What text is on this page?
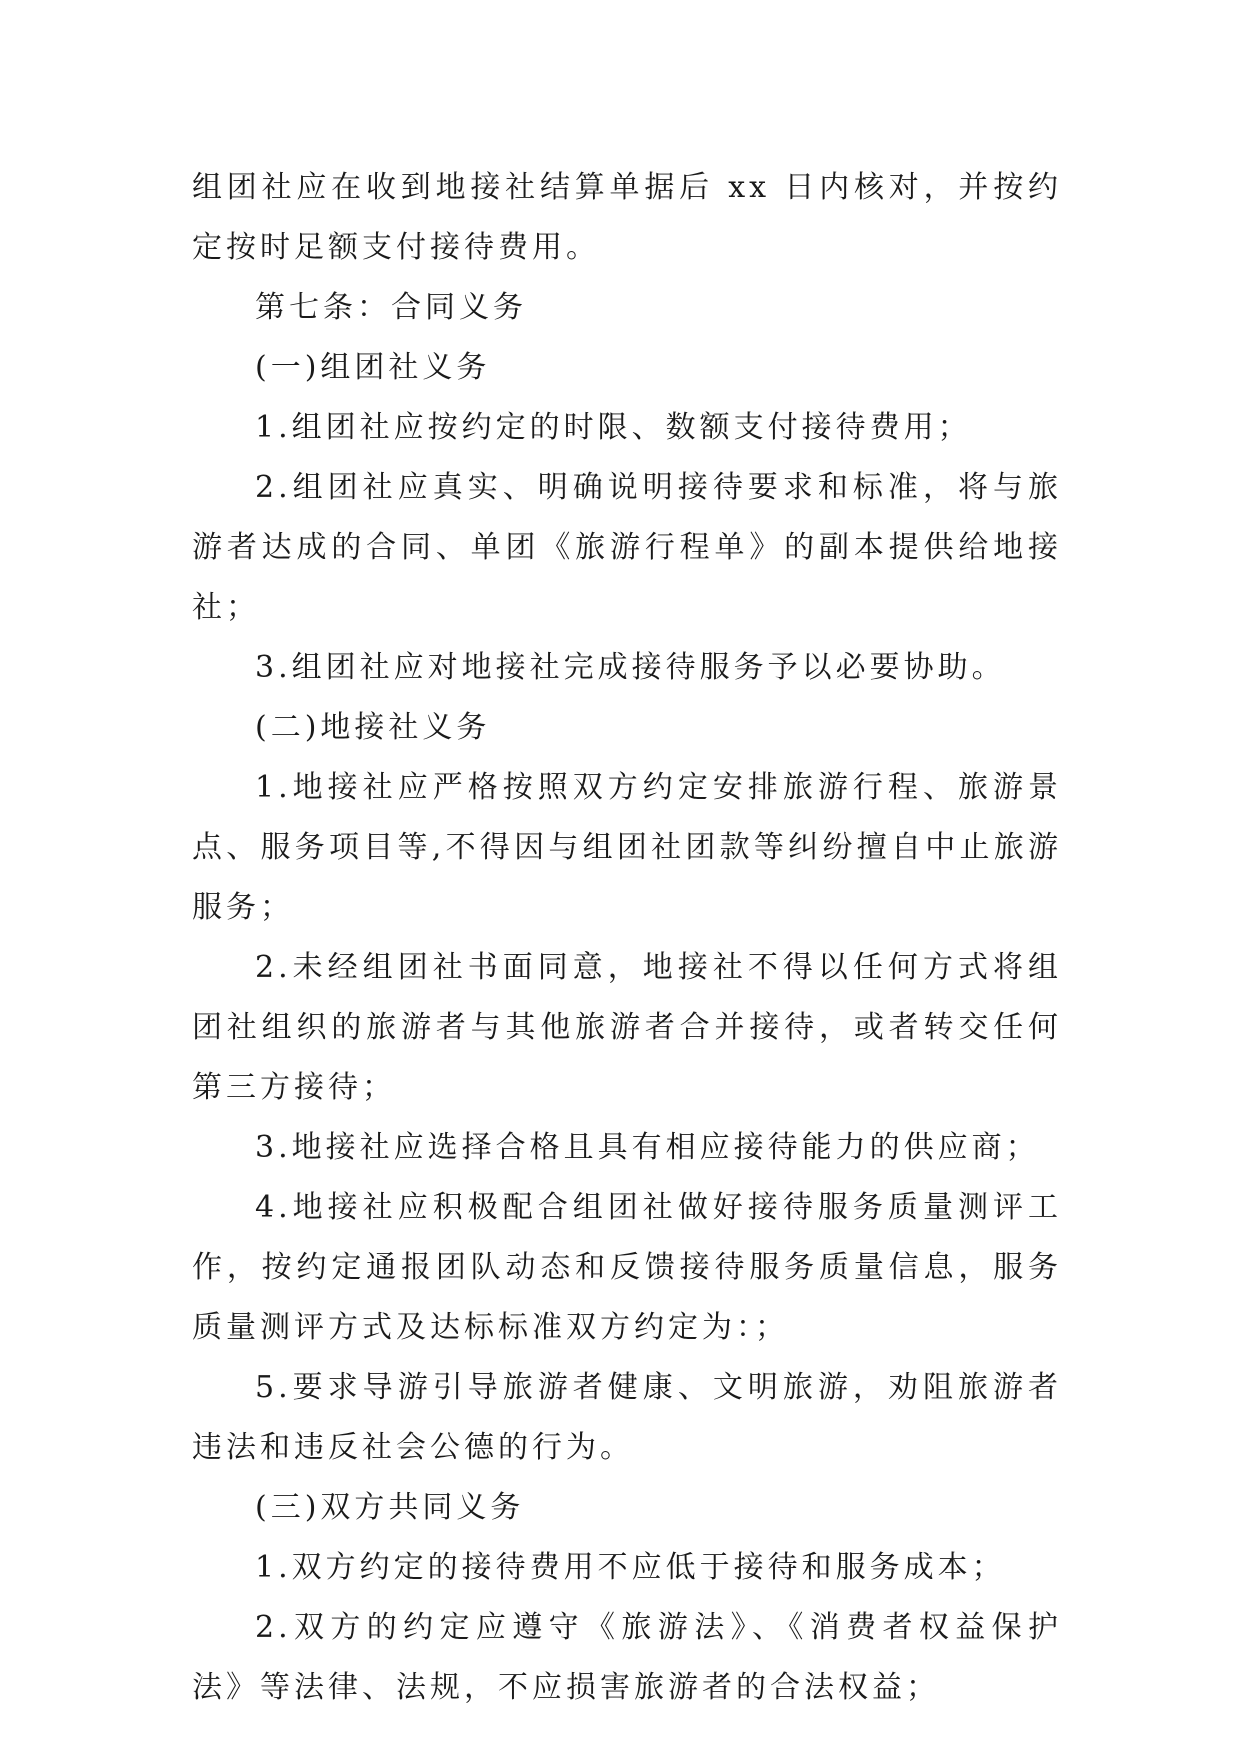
组团社应在收到地接社结算单据后 xx 日内核对，并按约定按时足额支付接待费用。

第七条：合同义务

(一)组团社义务

1.组团社应按约定的时限、数额支付接待费用；

2.组团社应真实、明确说明接待要求和标准，将与旅游者达成的合同、单团《旅游行程单》的副本提供给地接社；

3.组团社应对地接社完成接待服务予以必要协助。

(二)地接社义务

1.地接社应严格按照双方约定安排旅游行程、旅游景点、服务项目等,不得因与组团社团款等纠纷擅自中止旅游服务；

2.未经组团社书面同意，地接社不得以任何方式将组团社组织的旅游者与其他旅游者合并接待，或者转交任何第三方接待；

3.地接社应选择合格且具有相应接待能力的供应商；

4.地接社应积极配合组团社做好接待服务质量测评工作，按约定通报团队动态和反馈接待服务质量信息，服务质量测评方式及达标标准双方约定为：；

5.要求导游引导旅游者健康、文明旅游，劝阻旅游者违法和违反社会公德的行为。

(三)双方共同义务

1.双方约定的接待费用不应低于接待和服务成本；

2.双方的约定应遵守《旅游法》、《消费者权益保护法》等法律、法规，不应损害旅游者的合法权益；
